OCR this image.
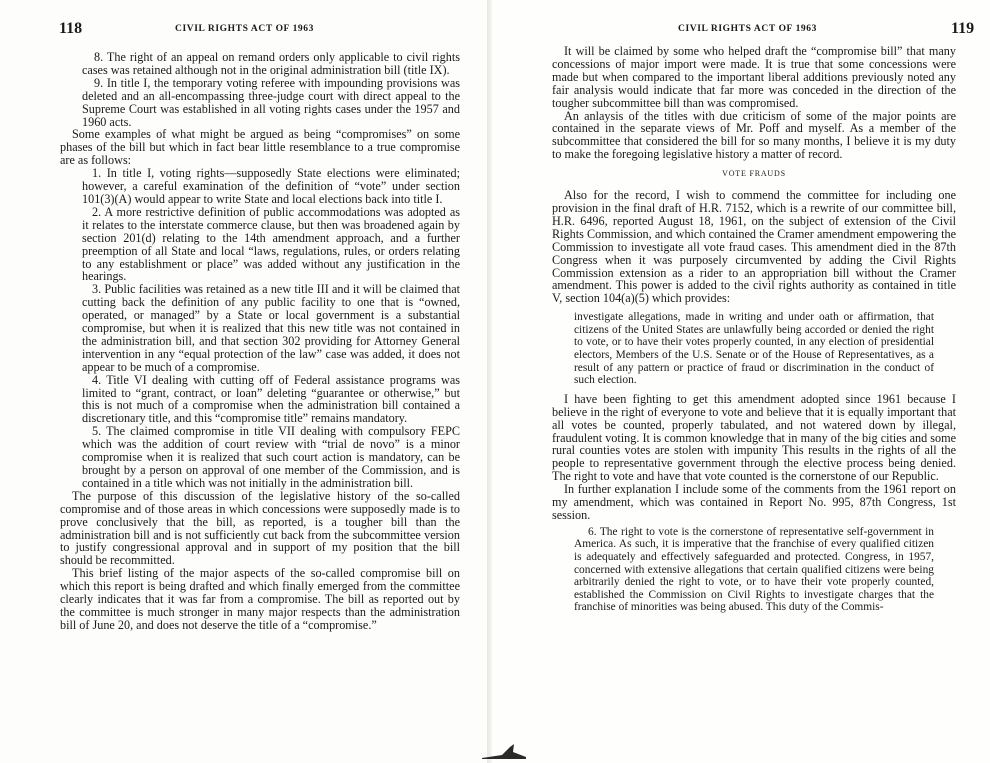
118	CIVIL RIGHTS ACT OF 1963

8. The right of an appeal on remand orders only applicable to civil rights cases was retained although not in the original administration bill (title IX).

9. In title I, the temporary voting referee with impounding provisions was deleted and an all-encompassing three-judge court with direct appeal to the Supreme Court was established in all voting rights cases under the 1957 and 1960 acts.

Some examples of what might be argued as being “compromises” on some phases of the bill but which in fact bear little resemblance to a true compromise are as follows:

1. In title I, voting rights—supposedly State elections were eliminated; however, a careful examination of the definition of “vote” under section 101(3)(A) would appear to write State and local elections back into title I.

2. A more restrictive definition of public accommodations was adopted as it relates to the interstate commerce clause, but then was broadened again by section 201(d) relating to the 14th amendment approach, and a further preemption of all State and local “laws, regulations, rules, or orders relating to any establishment or place” was added without any justification in the hearings.

3. Public facilities was retained as a new title III and it will be claimed that cutting back the definition of any public facility to one that is “owned, operated, or managed” by a State or local government is a substantial compromise, but when it is realized that this new title was not contained in the administration bill, and that section 302 providing for Attorney General intervention in any “equal protection of the law” case was added, it does not appear to be much of a compromise.

4. Title VI dealing with cutting off of Federal assistance programs was limited to “grant, contract, or loan” deleting “guarantee or otherwise,” but this is not much of a compromise when the administration bill contained a discretionary title, and this “compromise title” remains mandatory.

5. The claimed compromise in title VII dealing with compulsory FEPC which was the addition of court review with “trial de novo” is a minor compromise when it is realized that such court action is mandatory, can be brought by a person on approval of one member of the Commission, and is contained in a title which was not initially in the administration bill.

The purpose of this discussion of the legislative history of the so-called compromise and of those areas in which concessions were supposedly made is to prove conclusively that the bill, as reported, is a tougher bill than the administration bill and is not sufficiently cut back from the subcommittee version to justify congressional approval and in support of my position that the bill should be recommitted.

This brief listing of the major aspects of the so-called compromise bill on which this report is being drafted and which finally emerged from the committee clearly indicates that it was far from a compromise. The bill as reported out by the committee is much stronger in many major respects than the administration bill of June 20, and does not deserve the title of a “compromise.”

CIVIL RIGHTS ACT OF 1963	119

It will be claimed by some who helped draft the “compromise bill” that many concessions of major import were made. It is true that some concessions were made but when compared to the important liberal additions previously noted any fair analysis would indicate that far more was conceded in the direction of the tougher subcommittee bill than was compromised.

An anlaysis of the titles with due criticism of some of the major points are contained in the separate views of Mr. Poff and myself. As a member of the subcommittee that considered the bill for so many months, I believe it is my duty to make the foregoing legislative history a matter of record.

VOTE FRAUDS

Also for the record, I wish to commend the committee for including one provision in the final draft of H.R. 7152, which is a rewrite of our committee bill, H.R. 6496, reported August 18, 1961, on the subject of extension of the Civil Rights Commission, and which contained the Cramer amendment empowering the Commission to investigate all vote fraud cases. This amendment died in the 87th Congress when it was purposely circumvented by adding the Civil Rights Commission extension as a rider to an appropriation bill without the Cramer amendment. This power is added to the civil rights authority as contained in title V, section 104(a)(5) which provides:

investigate allegations, made in writing and under oath or affirmation, that citizens of the United States are unlawfully being accorded or denied the right to vote, or to have their votes properly counted, in any election of presidential electors, Members of the U.S. Senate or of the House of Representatives, as a result of any pattern or practice of fraud or discrimination in the conduct of such election.

I have been fighting to get this amendment adopted since 1961 because I believe in the right of everyone to vote and believe that it is equally important that all votes be counted, properly tabulated, and not watered down by illegal, fraudulent voting. It is common knowledge that in many of the big cities and some rural counties votes are stolen with impunity This results in the rights of all the people to representative government through the elective process being denied. The right to vote and have that vote counted is the cornerstone of our Republic.

In further explanation I include some of the comments from the 1961 report on my amendment, which was contained in Report No. 995, 87th Congress, 1st session.

6. The right to vote is the cornerstone of representative self-government in America. As such, it is imperative that the franchise of every qualified citizen is adequately and effectively safeguarded and protected. Congress, in 1957, concerned with extensive allegations that certain qualified citizens were being arbitrarily denied the right to vote, or to have their vote properly counted, established the Commission on Civil Rights to investigate charges that the franchise of minorities was being abused. This duty of the Commis-
